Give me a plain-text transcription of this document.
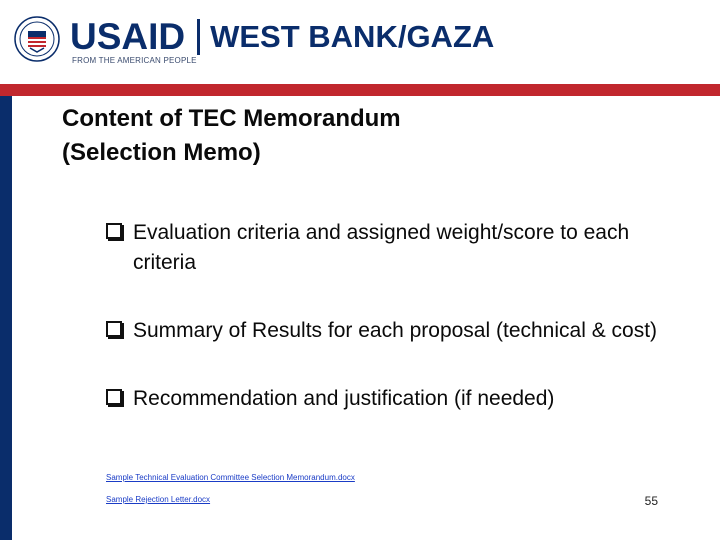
USAID WEST BANK/GAZA
FROM THE AMERICAN PEOPLE
Content of TEC Memorandum
(Selection Memo)
Evaluation criteria and assigned weight/score to each criteria
Summary of Results for each proposal (technical & cost)
Recommendation and justification (if needed)
Sample Technical Evaluation Committee Selection Memorandum.docx
Sample Rejection Letter.docx	55
